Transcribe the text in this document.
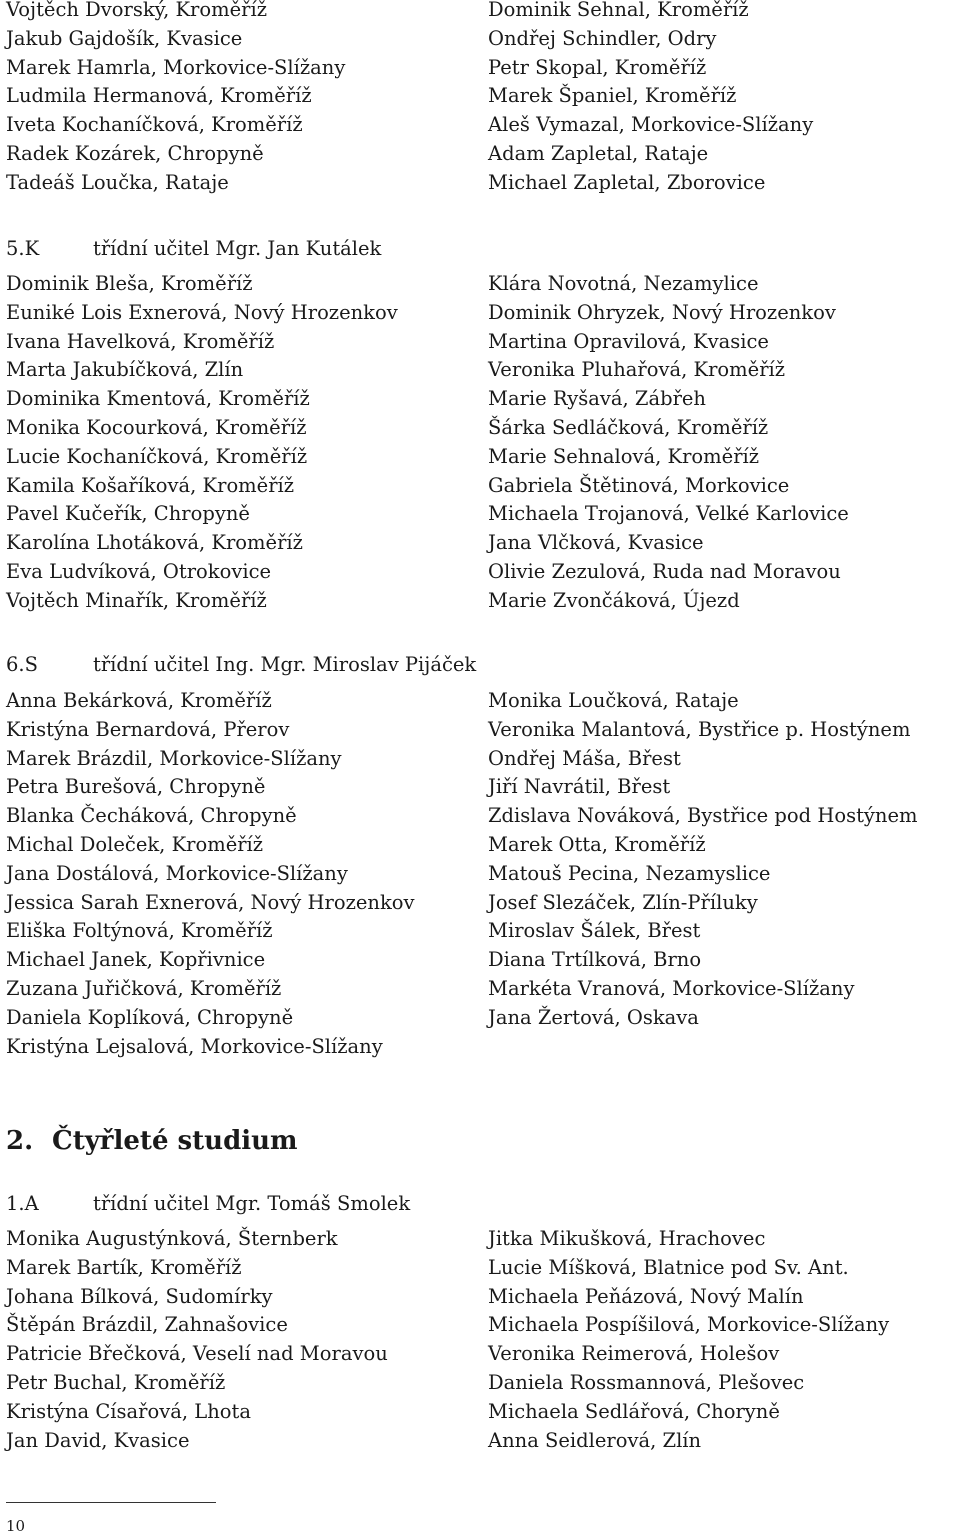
Vojtěch Dvorský, Kroměříž
Jakub Gajdošík, Kvasice
Marek Hamrla, Morkovice-Slížany
Ludmila Hermanová, Kroměříž
Iveta Kochaníčková, Kroměříž
Radek Kozárek, Chropyně
Tadeáš Loučka, Rataje
Dominik Sehnal, Kroměříž
Ondřej Schindler, Odry
Petr Skopal, Kroměříž
Marek Španiel, Kroměříž
Aleš Vymazal, Morkovice-Slížany
Adam Zapletal, Rataje
Michael Zapletal, Zborovice
5.K	třídní učitel Mgr. Jan Kutálek
Dominik Bleša, Kroměříž
Euniké Lois Exnerová, Nový Hrozenkov
Ivana Havelková, Kroměříž
Marta Jakubíčková, Zlín
Dominika Kmentová, Kroměříž
Monika Kocourková, Kroměříž
Lucie Kochaníčková, Kroměříž
Kamila Košaříková, Kroměříž
Pavel Kučeřík, Chropyně
Karolína Lhotáková, Kroměříž
Eva Ludvíková, Otrokovice
Vojtěch Minařík, Kroměříž
Klára Novotná, Nezamylice
Dominik Ohryzek, Nový Hrozenkov
Martina Opravilová, Kvasice
Veronika Pluhařová, Kroměříž
Marie Ryšavá, Zábřeh
Šárka Sedláčková, Kroměříž
Marie Sehnalová, Kroměříž
Gabriela Štětinová, Morkovice
Michaela Trojanová, Velké Karlovice
Jana Vlčková, Kvasice
Olivie Zezulová, Ruda nad Moravou
Marie Zvončáková, Újezd
6.S	třídní učitel Ing. Mgr. Miroslav Pijáček
Anna Bekárková, Kroměříž
Kristýna Bernardová, Přerov
Marek Brázdil, Morkovice-Slížany
Petra Burešová, Chropyně
Blanka Čecháková, Chropyně
Michal Doleček, Kroměříž
Jana Dostálová, Morkovice-Slížany
Jessica Sarah Exnerová, Nový Hrozenkov
Eliška Foltýnová, Kroměříž
Michael Janek, Kopřivnice
Zuzana Juřičková, Kroměříž
Daniela Koplíková, Chropyně
Kristýna Lejsalová, Morkovice-Slížany
Monika Loučková, Rataje
Veronika Malantová, Bystřice p. Hostýnem
Ondřej Máša, Břest
Jiří Navrátil, Břest
Zdislava Nováková, Bystřice pod Hostýnem
Marek Otta, Kroměříž
Matouš Pecina, Nezamyslice
Josef Slezáček, Zlín-Příluky
Miroslav Šálek, Břest
Diana Trtílková, Brno
Markéta Vranová, Morkovice-Slížany
Jana Žertová, Oskava
2. Čtyřleté studium
1.A	třídní učitel Mgr. Tomáš Smolek
Monika Augustýnková, Šternberk
Marek Bartík, Kroměříž
Johana Bílková, Sudomírky
Štěpán Brázdil, Zahnašovice
Patricie Břečková, Veselí nad Moravou
Petr Buchal, Kroměříž
Kristýna Císařová, Lhota
Jan David, Kvasice
Jitka Mikušková, Hrachovec
Lucie Míšková, Blatnice pod Sv. Ant.
Michaela Peňázová, Nový Malín
Michaela Pospíšilová, Morkovice-Slížany
Veronika Reimerová, Holešov
Daniela Rossmannová, Plešovec
Michaela Sedlářová, Choryně
Anna Seidlerová, Zlín
10
